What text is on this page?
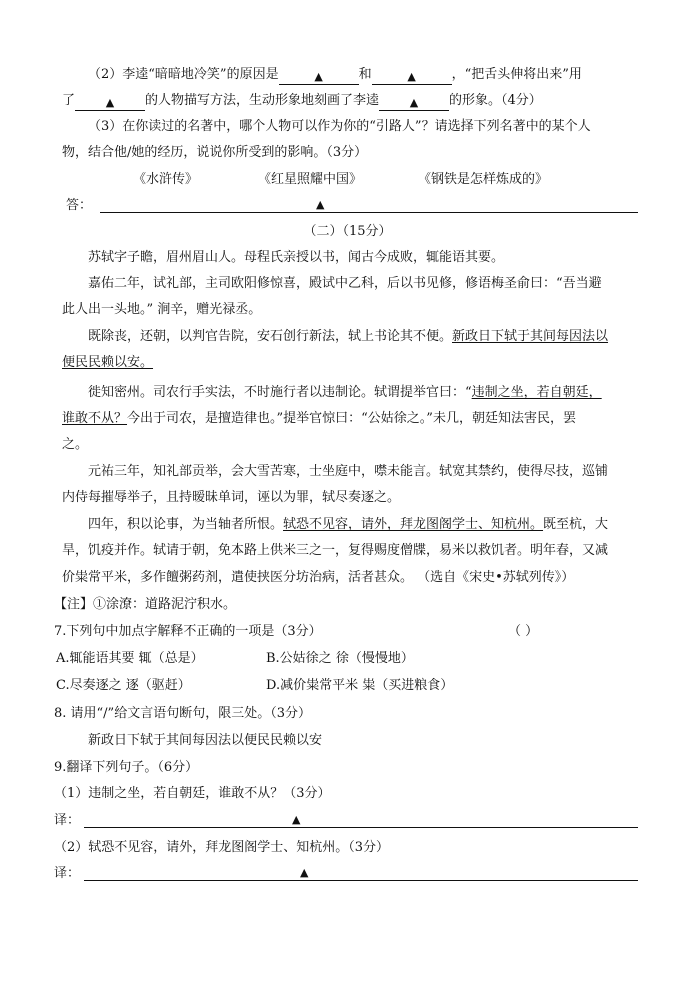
（2）李逵“暗暗地冷笑”的原因是	▲	和	▲	，“把舌头伸将出来”用
了	▲ 的人物描写方法，生动形象地刻画了李逵	▲ 的形象。（4分）
（3）在你读过的名著中，哪个人物可以作为你的“引路人”？请选择下列名著中的某个人
物，结合他/她的经历，说说你所受到的影响。（3分）
《水浒传》	《红星照耀中国》	《钢铁是怎样炼成的》
答：	▲
（二）（15分）
苏轼字子瞻，眉州眉山人。母程氏亲授以书，闻古今成败，辄能语其要。
嘉佑二年，试礼部，主司欧阳修惊喜，殿试中乙科，后以书见修，修语梅圣俞曰：“吾当避
此人出一头地。” 涧辛，赠光禄丞。
既除丧，还朝，以判官告院，安石创行新法，轼上书论其不便。新政日下轼于其间每因法以
便民民赖以安。
徙知密州。司农行手实法，不时施行者以违制论。轼谓提举官曰：“违制之坐，若自朝廷，
谁敢不从？今出于司农，是擅造律也。”提举官惊曰：“公姑徐之。”未几，朝廷知法害民，罢
之。
元祐三年，知礼部贡举，会大雪苦寒，士坐庭中，噤未能言。轼宽其禁约，使得尽技，巡铺
内侍每摧辱举子，且持暧昧单词，诬以为罪，轼尽奏逐之。
四年，积以论事，为当轴者所恨。轼恐不见容，请外，拜龙图阁学士、知杭州。既至杭，大
旱，饥疫并作。轼请于朝，免本路上供米三之一，复得赐度僧牒，易米以救饥者。明年春，又减
价粜常平米，多作饘粥药剂，遣使挟医分坊治病，活者甚众。 （选自《宋史•苏轼列传》）
【注】①涂潦：道路泥泞积水。
7.下列句中加点字解释不正确的一项是（3分）	（ ）
A.辄能语其要 辄（总是）	B.公姑徐之 徐（慢慢地）
C.尽奏逐之 逐（驱赶）	D.减价粜常平米 粜（买进粮食）
8. 请用“/”给文言语句断句，限三处。（3分）
新政日下轼于其间每因法以便民民赖以安
9.翻译下列句子。（6分）
（1）违制之坐，若自朝廷，谁敢不从？（3分）
译：	▲
（2）轼恐不见容，请外，拜龙图阁学士、知杭州。（3分）
译：	▲
